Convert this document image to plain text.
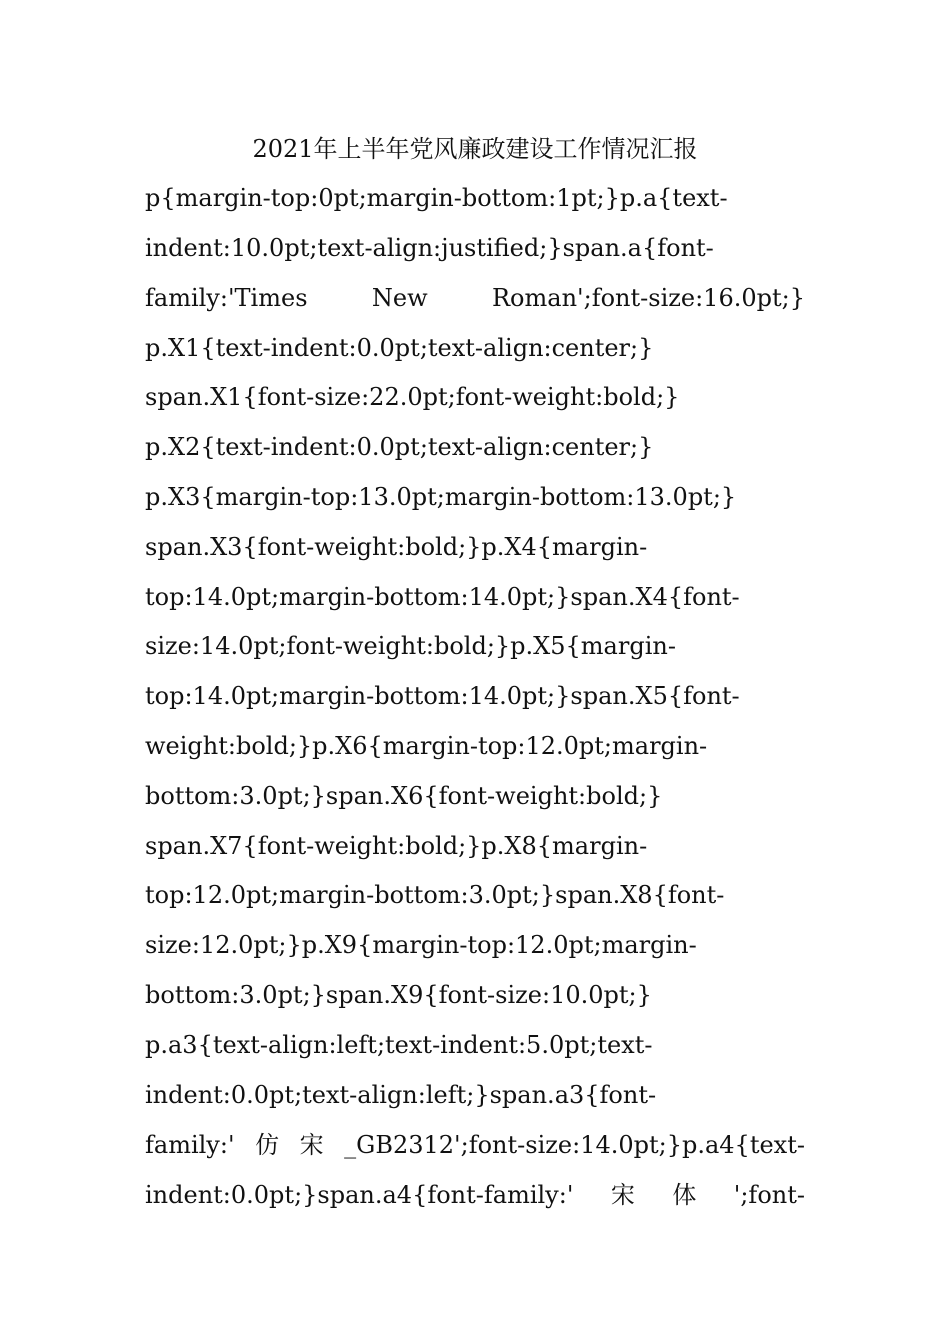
2021年上半年党风廉政建设工作情况汇报

p{margin-top:0pt;margin-bottom:1pt;}p.a{text-

indent:10.0pt;text-align:justified;}span.a{font-

family:'Times	New	Roman';font-size:16.0pt;}

p.X1{text-indent:0.0pt;text-align:center;}

span.X1{font-size:22.0pt;font-weight:bold;}

p.X2{text-indent:0.0pt;text-align:center;}

p.X3{margin-top:13.0pt;margin-bottom:13.0pt;}

span.X3{font-weight:bold;}p.X4{margin-

top:14.0pt;margin-bottom:14.0pt;}span.X4{font-

size:14.0pt;font-weight:bold;}p.X5{margin-

top:14.0pt;margin-bottom:14.0pt;}span.X5{font-

weight:bold;}p.X6{margin-top:12.0pt;margin-

bottom:3.0pt;}span.X6{font-weight:bold;}

span.X7{font-weight:bold;}p.X8{margin-

top:12.0pt;margin-bottom:3.0pt;}span.X8{font-

size:12.0pt;}p.X9{margin-top:12.0pt;margin-

bottom:3.0pt;}span.X9{font-size:10.0pt;}

p.a3{text-align:left;text-indent:5.0pt;text-

indent:0.0pt;text-align:left;}span.a3{font-

family:' 仿 宋 _GB2312';font-size:14.0pt;}p.a4{text-

indent:0.0pt;}span.a4{font-family:' 宋 体 ';font-
